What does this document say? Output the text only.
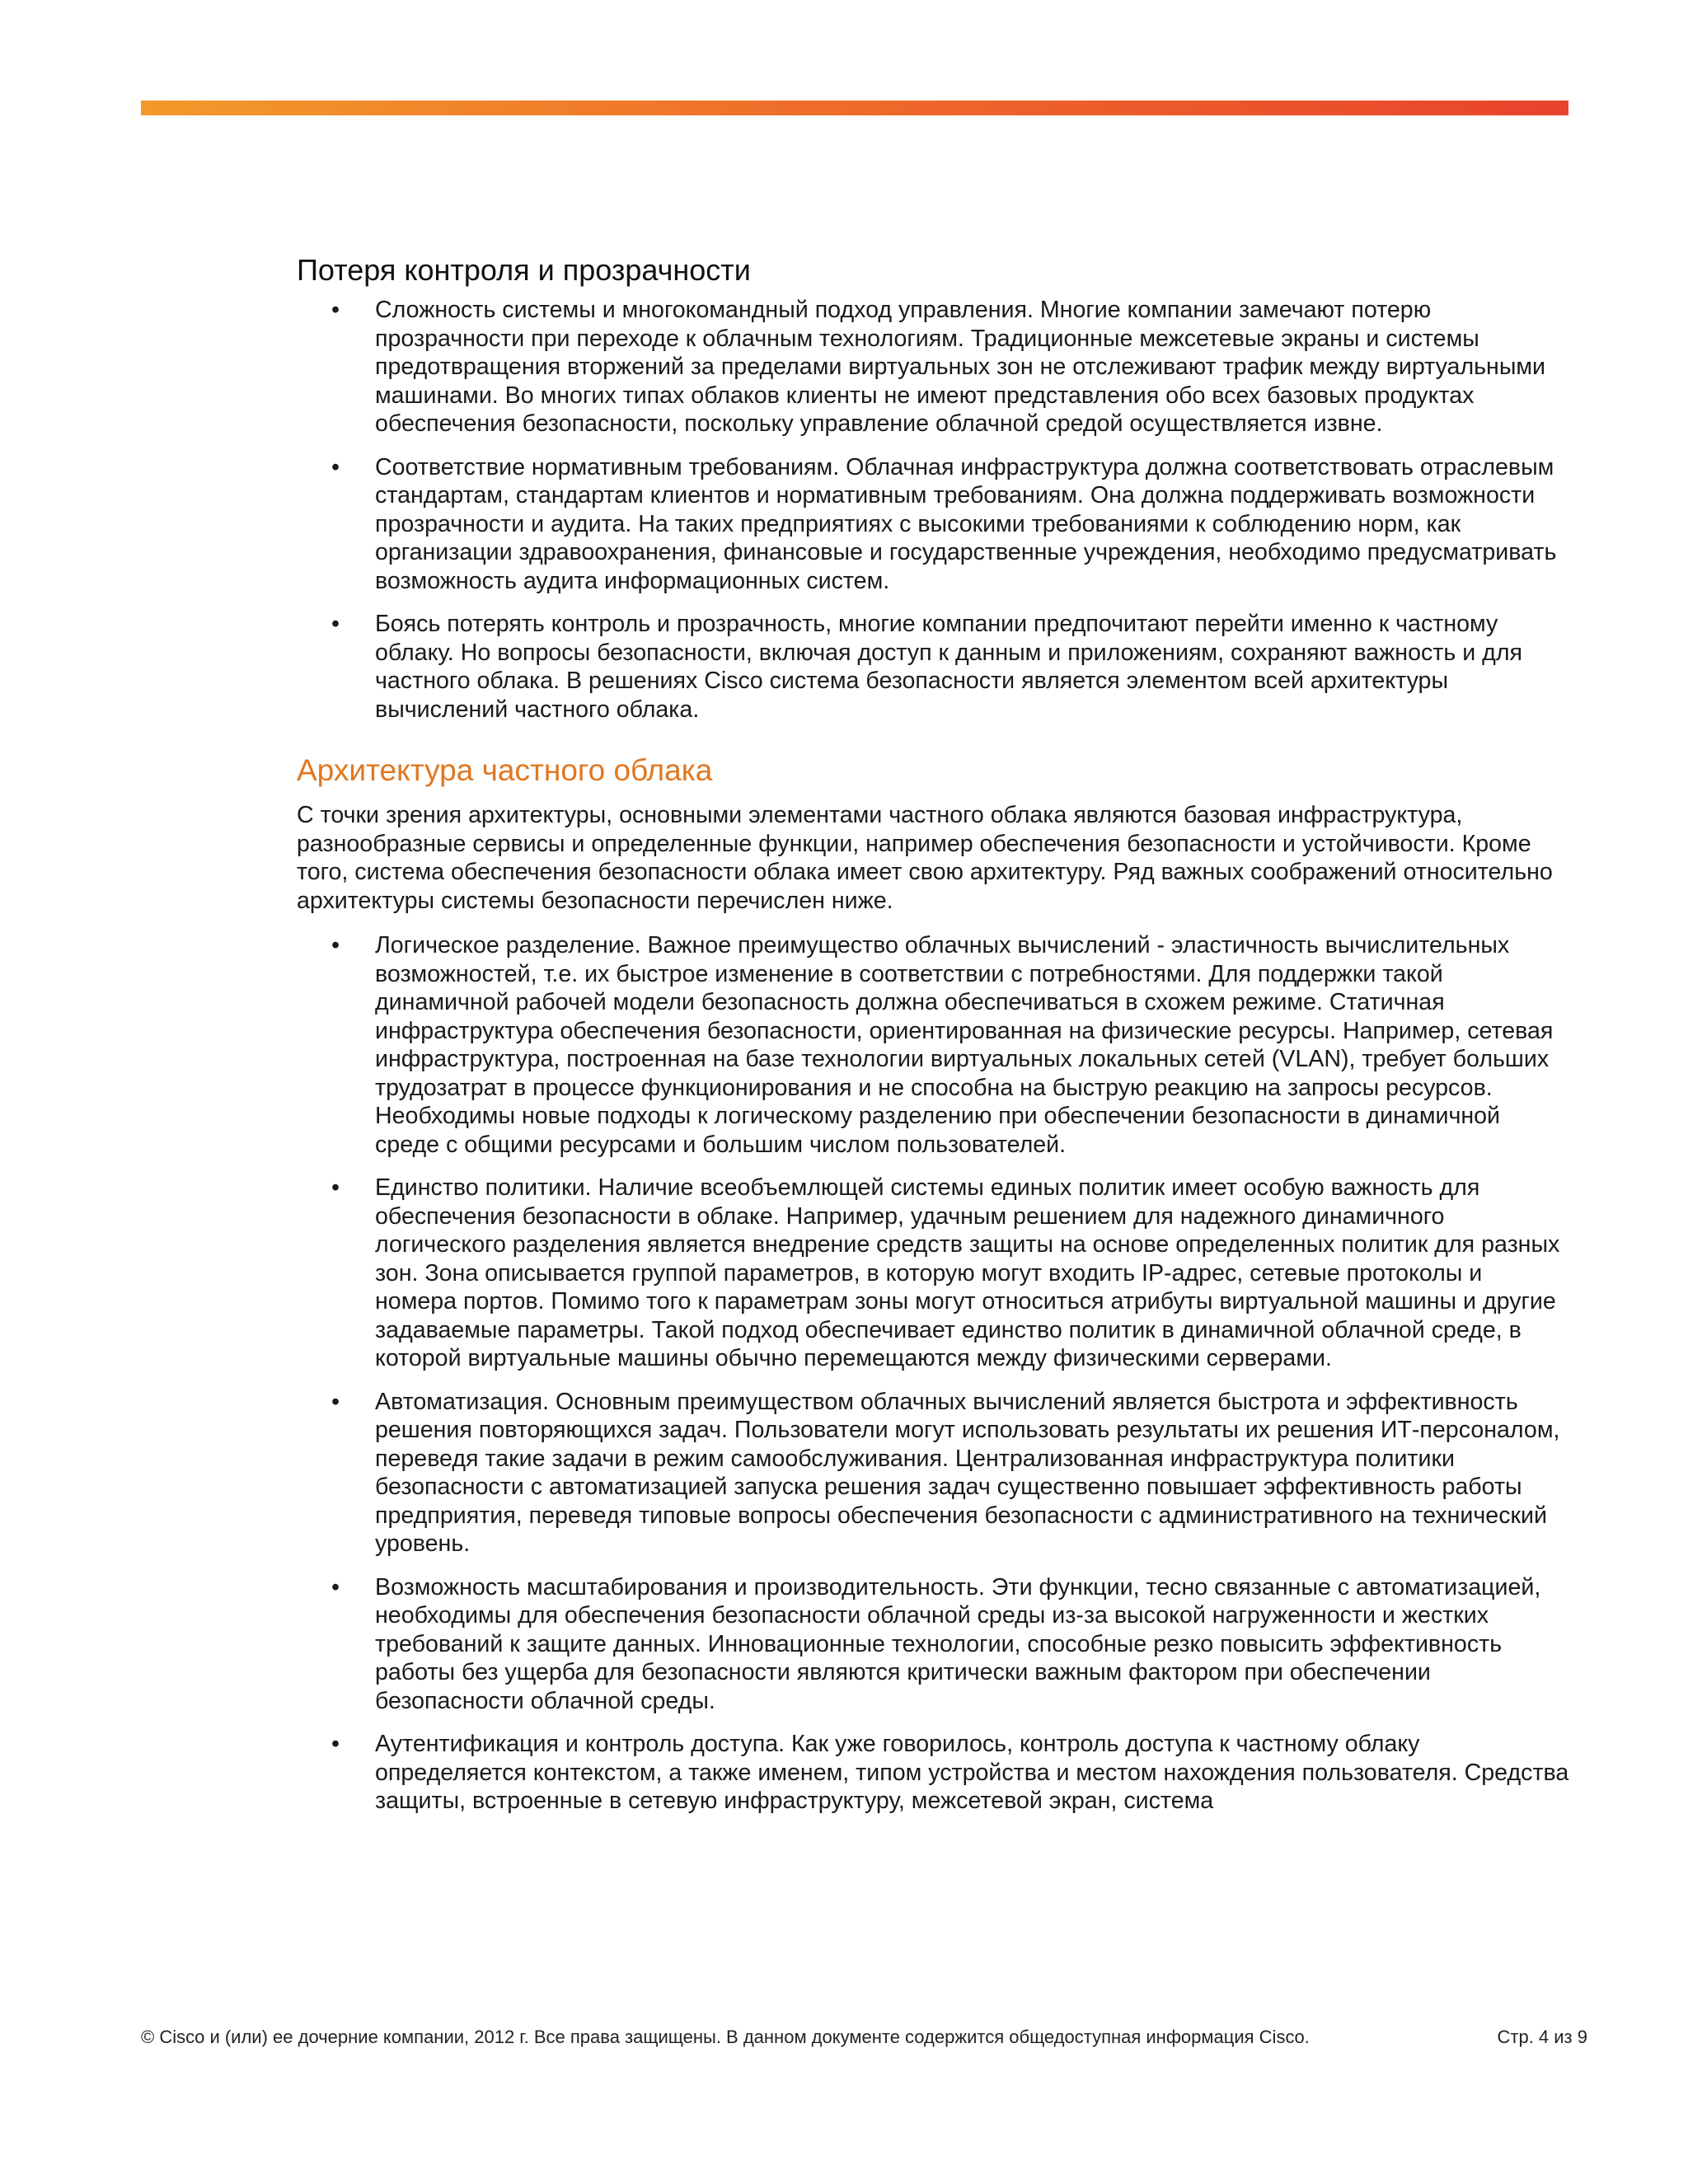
Потеря контроля и прозрачности
• Сложность системы и многокомандный подход управления. Многие компании замечают потерю прозрачности при переходе к облачным технологиям. Традиционные межсетевые экраны и системы предотвращения вторжений за пределами виртуальных зон не отслеживают трафик между виртуальными машинами. Во многих типах облаков клиенты не имеют представления обо всех базовых продуктах обеспечения безопасности, поскольку управление облачной средой осуществляется извне.
• Соответствие нормативным требованиям. Облачная инфраструктура должна соответствовать отраслевым стандартам, стандартам клиентов и нормативным требованиям. Она должна поддерживать возможности прозрачности и аудита. На таких предприятиях с высокими требованиями к соблюдению норм, как организации здравоохранения, финансовые и государственные учреждения, необходимо предусматривать возможность аудита информационных систем.
• Боясь потерять контроль и прозрачность, многие компании предпочитают перейти именно к частному облаку. Но вопросы безопасности, включая доступ к данным и приложениям, сохраняют важность и для частного облака. В решениях Cisco система безопасности является элементом всей архитектуры вычислений частного облака.
Архитектура частного облака

С точки зрения архитектуры, основными элементами частного облака являются базовая инфраструктура, разнообразные сервисы и определенные функции, например обеспечения безопасности и устойчивости. Кроме того, система обеспечения безопасности облака имеет свою архитектуру. Ряд важных соображений относительно архитектуры системы безопасности перечислен ниже.

• Логическое разделение. Важное преимущество облачных вычислений - эластичность вычислительных возможностей, т.е. их быстрое изменение в соответствии с потребностями. Для поддержки такой динамичной рабочей модели безопасность должна обеспечиваться в схожем режиме. Статичная инфраструктура обеспечения безопасности, ориентированная на физические ресурсы. Например, сетевая инфраструктура, построенная на базе технологии виртуальных локальных сетей (VLAN), требует больших трудозатрат в процессе функционирования и не способна на быструю реакцию на запросы ресурсов. Необходимы новые подходы к логическому разделению при обеспечении безопасности в динамичной среде с общими ресурсами и большим числом пользователей.
• Единство политики. Наличие всеобъемлющей системы единых политик имеет особую важность для обеспечения безопасности в облаке. Например, удачным решением для надежного динамичного логического разделения является внедрение средств защиты на основе определенных политик для разных зон. Зона описывается группой параметров, в которую могут входить IP-адрес, сетевые протоколы и номера портов. Помимо того к параметрам зоны могут относиться атрибуты виртуальной машины и другие задаваемые параметры. Такой подход обеспечивает единство политик в динамичной облачной среде, в которой виртуальные машины обычно перемещаются между физическими серверами.
• Автоматизация. Основным преимуществом облачных вычислений является быстрота и эффективность решения повторяющихся задач. Пользователи могут использовать результаты их решения ИТ-персоналом, переведя такие задачи в режим самообслуживания. Централизованная инфраструктура политики безопасности с автоматизацией запуска решения задач существенно повышает эффективность работы предприятия, переведя типовые вопросы обеспечения безопасности с административного на технический уровень.
• Возможность масштабирования и производительность. Эти функции, тесно связанные с автоматизацией, необходимы для обеспечения безопасности облачной среды из-за высокой нагруженности и жестких требований к защите данных. Инновационные технологии, способные резко повысить эффективность работы без ущерба для безопасности являются критически важным фактором при обеспечении безопасности облачной среды.
• Аутентификация и контроль доступа. Как уже говорилось, контроль доступа к частному облаку определяется контекстом, а также именем, типом устройства и местом нахождения пользователя. Средства защиты, встроенные в сетевую инфраструктуру, межсетевой экран, система
© Cisco и (или) ее дочерние компании, 2012 г. Все права защищены. В данном документе содержится общедоступная информация Cisco.	Стр. 4 из 9
